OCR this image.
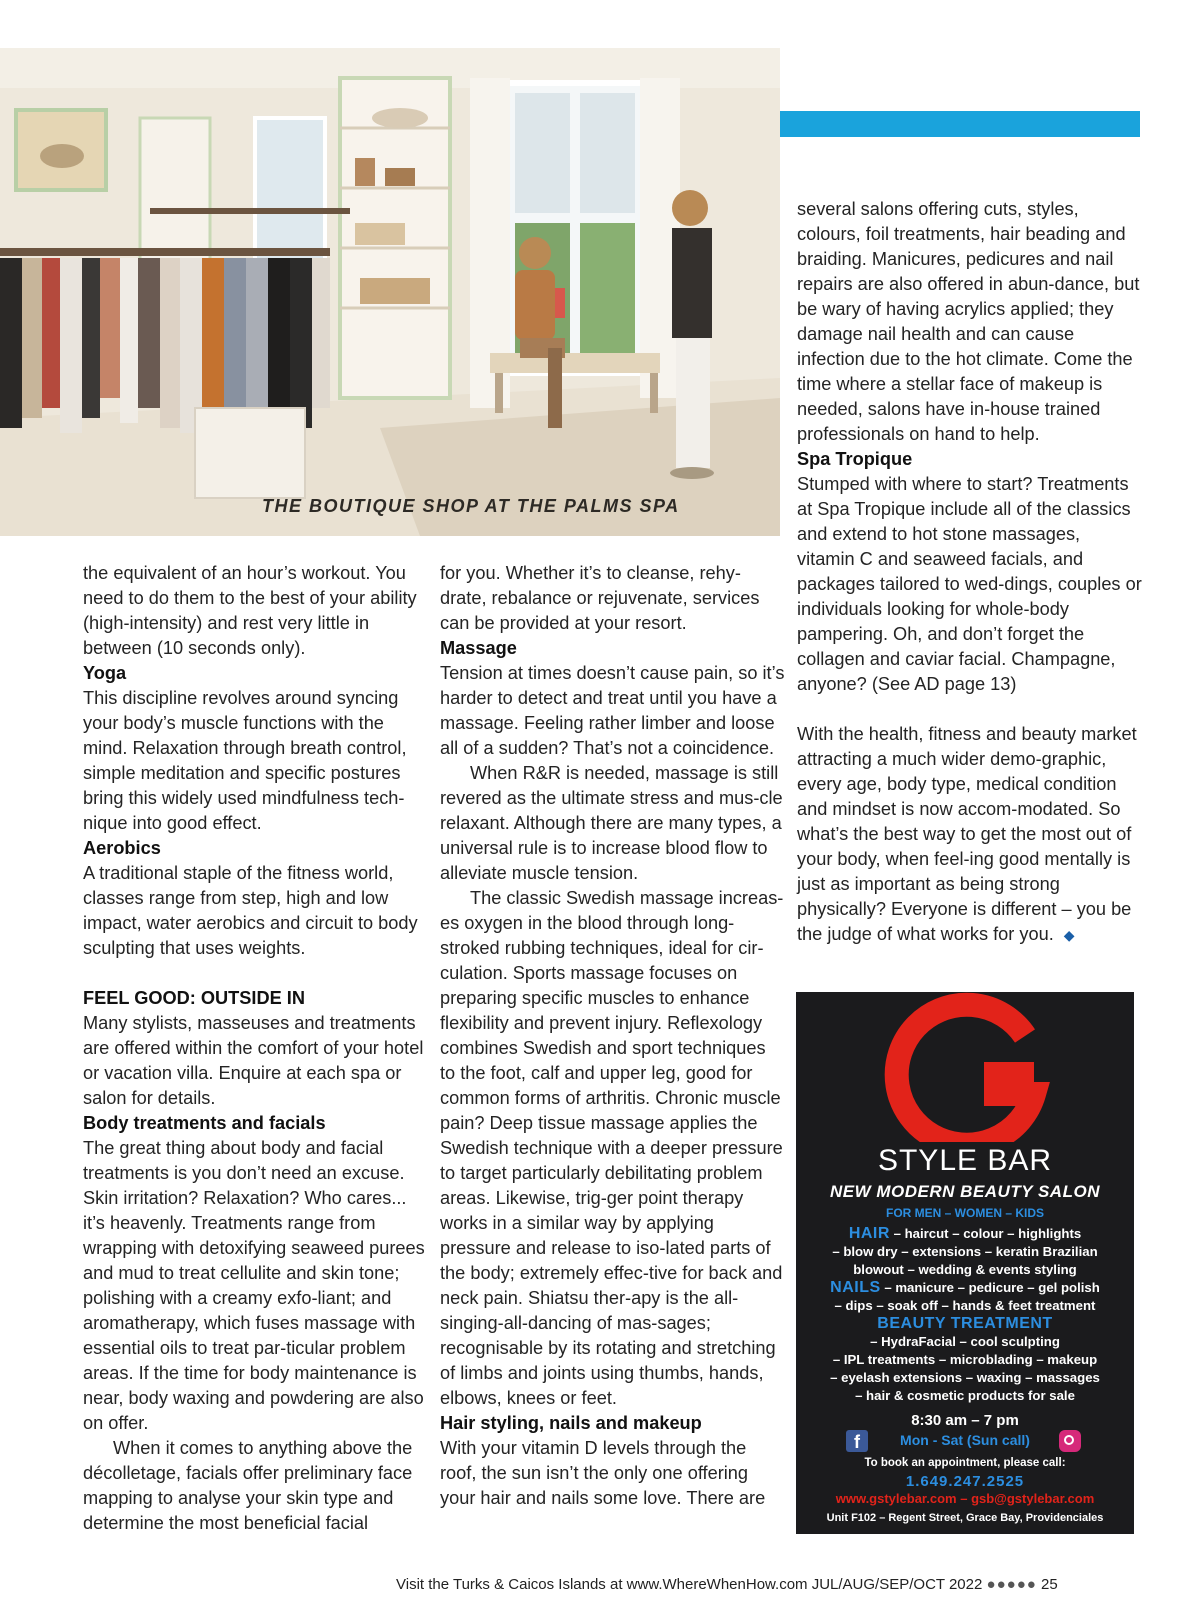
THE BOUTIQUE SHOP AT THE PALMS SPA

the equivalent of an hour’s workout. You need to do them to the best of your ability (high-intensity) and rest very little in between (10 seconds only).

Yoga

This discipline revolves around syncing your body’s muscle functions with the mind. Relaxation through breath control, simple meditation and specific postures bring this widely used mindfulness tech-nique into good effect.

Aerobics

A traditional staple of the fitness world, classes range from step, high and low impact, water aerobics and circuit to body sculpting that uses weights.

FEEL GOOD: OUTSIDE IN

Many stylists, masseuses and treatments are offered within the comfort of your hotel or vacation villa. Enquire at each spa or salon for details.

Body treatments and facials

The great thing about body and facial treatments is you don’t need an excuse. Skin irritation? Relaxation? Who cares... it’s heavenly. Treatments range from wrapping with detoxifying seaweed purees and mud to treat cellulite and skin tone; polishing with a creamy exfo-liant; and aromatherapy, which fuses massage with essential oils to treat par-ticular problem areas. If the time for body maintenance is near, body waxing and powdering are also on offer.

When it comes to anything above the décolletage, facials offer preliminary face mapping to analyse your skin type and determine the most beneficial facial

for you. Whether it’s to cleanse, rehy-drate, rebalance or rejuvenate, services can be provided at your resort.

Massage

Tension at times doesn’t cause pain, so it’s harder to detect and treat until you have a massage. Feeling rather limber and loose all of a sudden? That’s not a coincidence.

When R&R is needed, massage is still revered as the ultimate stress and mus-cle relaxant. Although there are many types, a universal rule is to increase blood flow to alleviate muscle tension.

The classic Swedish massage increas-es oxygen in the blood through long-stroked rubbing techniques, ideal for cir-culation. Sports massage focuses on preparing specific muscles to enhance flexibility and prevent injury. Reflexology combines Swedish and sport techniques to the foot, calf and upper leg, good for common forms of arthritis. Chronic muscle pain? Deep tissue massage applies the Swedish technique with a deeper pressure to target particularly debilitating problem areas. Likewise, trig-ger point therapy works in a similar way by applying pressure and release to iso-lated parts of the body; extremely effec-tive for back and neck pain. Shiatsu ther-apy is the all-singing-all-dancing of mas-sages; recognisable by its rotating and stretching of limbs and joints using thumbs, hands, elbows, knees or feet.

Hair styling, nails and makeup

With your vitamin D levels through the roof, the sun isn’t the only one offering your hair and nails some love. There are

several salons offering cuts, styles, colours, foil treatments, hair beading and braiding. Manicures, pedicures and nail repairs are also offered in abun-dance, but be wary of having acrylics applied; they damage nail health and can cause infection due to the hot climate. Come the time where a stellar face of makeup is needed, salons have in-house trained professionals on hand to help.

Spa Tropique

Stumped with where to start? Treatments at Spa Tropique include all of the classics and extend to hot stone massages, vitamin C and seaweed facials, and packages tailored to wed-dings, couples or individuals looking for whole-body pampering. Oh, and don’t forget the collagen and caviar facial. Champagne, anyone? (See AD page 13)

With the health, fitness and beauty market attracting a much wider demo-graphic, every age, body type, medical condition and mindset is now accom-modated. So what’s the best way to get the most out of your body, when feel-ing good mentally is just as important as being strong physically? Everyone is different – you be the judge of what works for you. ◆

STYLE BAR
NEW MODERN BEAUTY SALON
FOR MEN – WOMEN – KIDS
HAIR – haircut – colour – highlights
– blow dry – extensions – keratin Brazilian
blowout – wedding & events styling
NAILS – manicure – pedicure – gel polish
– dips – soak off – hands & feet treatment
BEAUTY TREATMENT
– HydraFacial – cool sculpting
– IPL treatments – microblading – makeup
– eyelash extensions – waxing – massages
– hair & cosmetic products for sale
8:30 am – 7 pm
f	Mon - Sat (Sun call)
To book an appointment, please call:
1.649.247.2525
www.gstylebar.com – gsb@gstylebar.com
Unit F102 – Regent Street, Grace Bay, Providenciales
Visit the Turks & Caicos Islands at www.WhereWhenHow.com JUL/AUG/SEP/OCT 2022 ●●●●● 25
